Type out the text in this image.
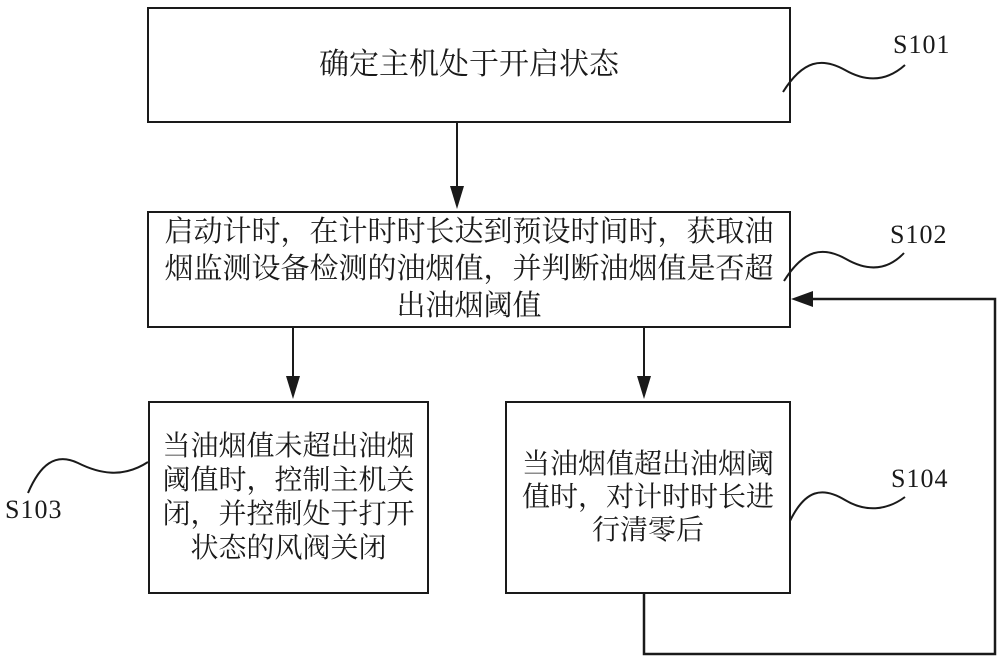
确定主机处于开启状态
启动计时，在计时时长达到预设时间时，获取油
烟监测设备检测的油烟值，并判断油烟值是否超
出油烟阈值
当油烟值未超出油烟
阈值时，控制主机关
闭，并控制处于打开
状态的风阀关闭
当油烟值超出油烟阈
值时，对计时时长进
行清零后
S101
S102
S103
S104
